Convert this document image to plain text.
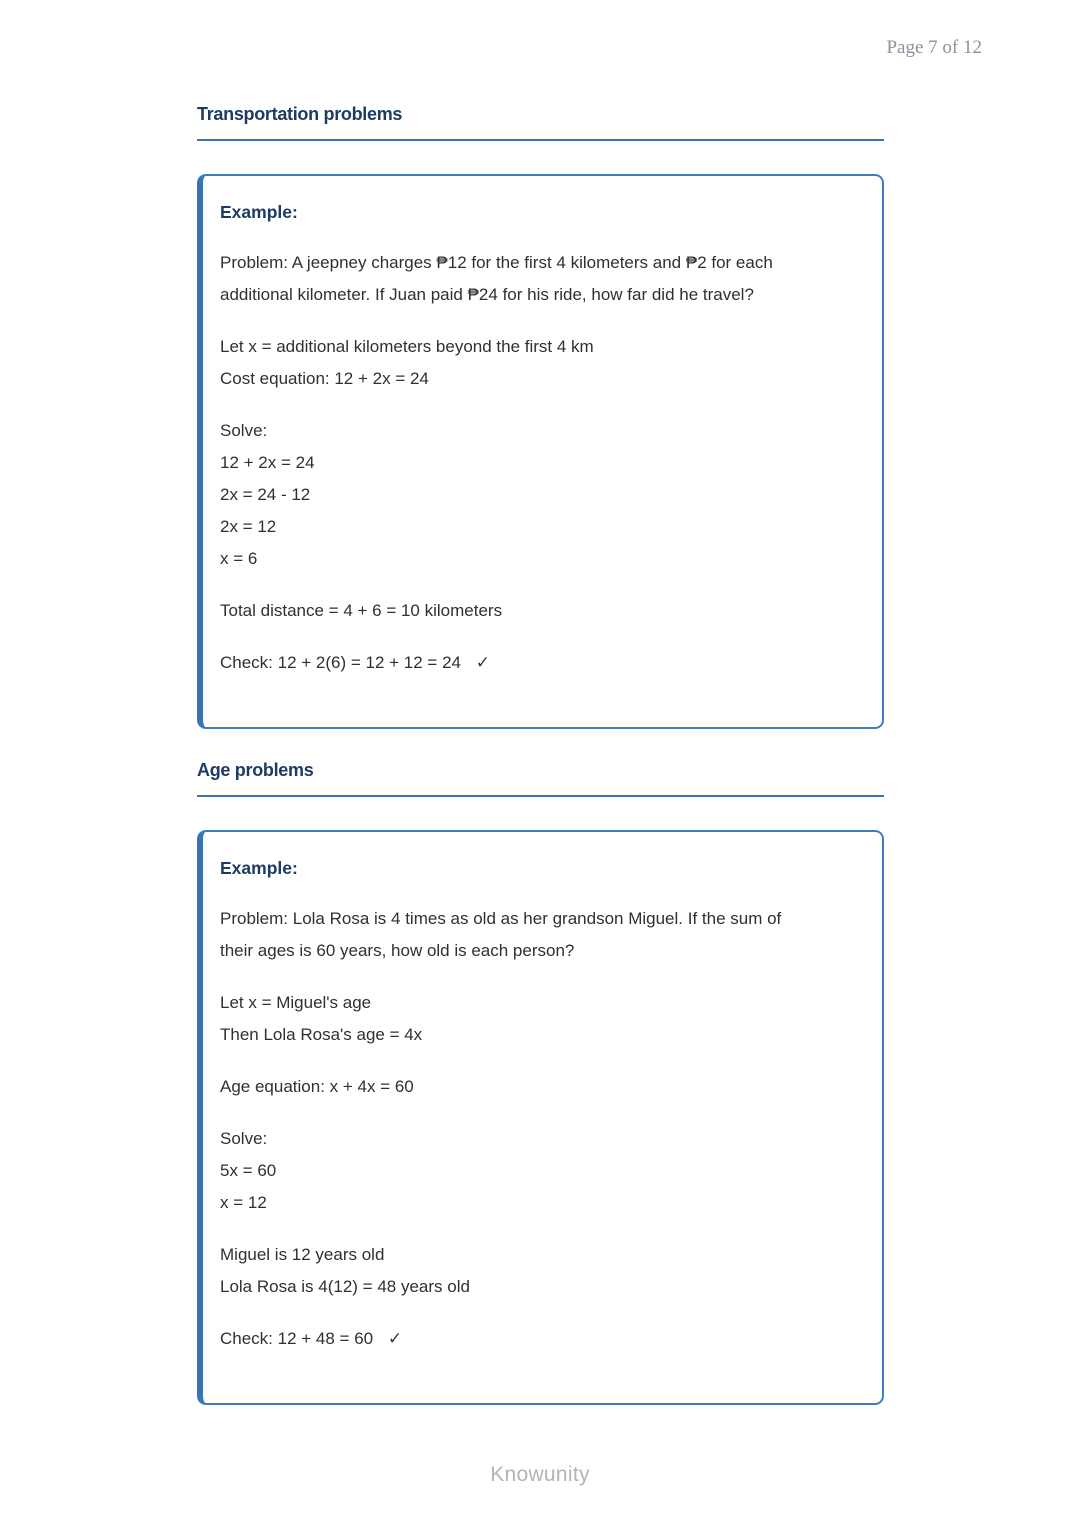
Page 7 of 12
Transportation problems
Example:
Problem: A jeepney charges ₱12 for the first 4 kilometers and ₱2 for each
additional kilometer. If Juan paid ₱24 for his ride, how far did he travel?
Let x = additional kilometers beyond the first 4 km
Cost equation: 12 + 2x = 24
Solve:
12 + 2x = 24
2x = 24 - 12
2x = 12
x = 6
Total distance = 4 + 6 = 10 kilometers
Check: 12 + 2(6) = 12 + 12 = 24 ✓
Age problems
Example:
Problem: Lola Rosa is 4 times as old as her grandson Miguel. If the sum of
their ages is 60 years, how old is each person?
Let x = Miguel's age
Then Lola Rosa's age = 4x
Age equation: x + 4x = 60
Solve:
5x = 60
x = 12
Miguel is 12 years old
Lola Rosa is 4(12) = 48 years old
Check: 12 + 48 = 60 ✓
Knowunity
